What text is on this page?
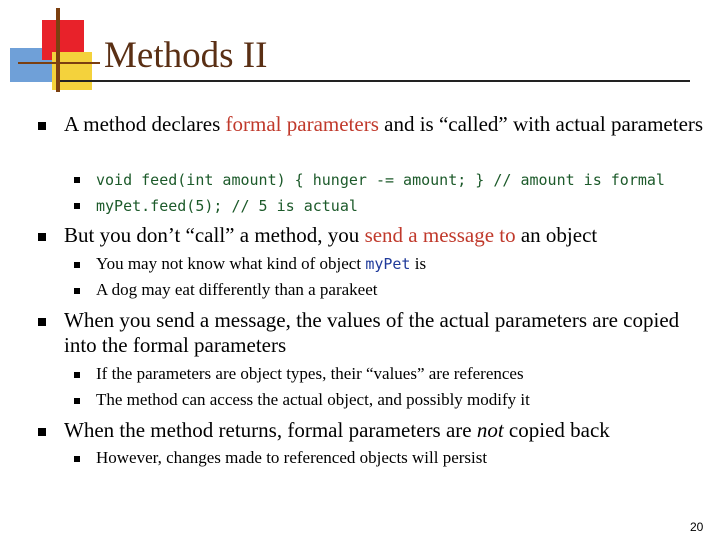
Methods II
A method declares formal parameters and is “called” with actual parameters
void feed(int amount) { hunger -= amount; } // amount is formal
myPet.feed(5); // 5 is actual
But you don’t “call” a method, you send a message to an object
You may not know what kind of object myPet is
A dog may eat differently than a parakeet
When you send a message, the values of the actual parameters are copied into the formal parameters
If the parameters are object types, their “values” are references
The method can access the actual object, and possibly modify it
When the method returns, formal parameters are not copied back
However, changes made to referenced objects will persist
20
